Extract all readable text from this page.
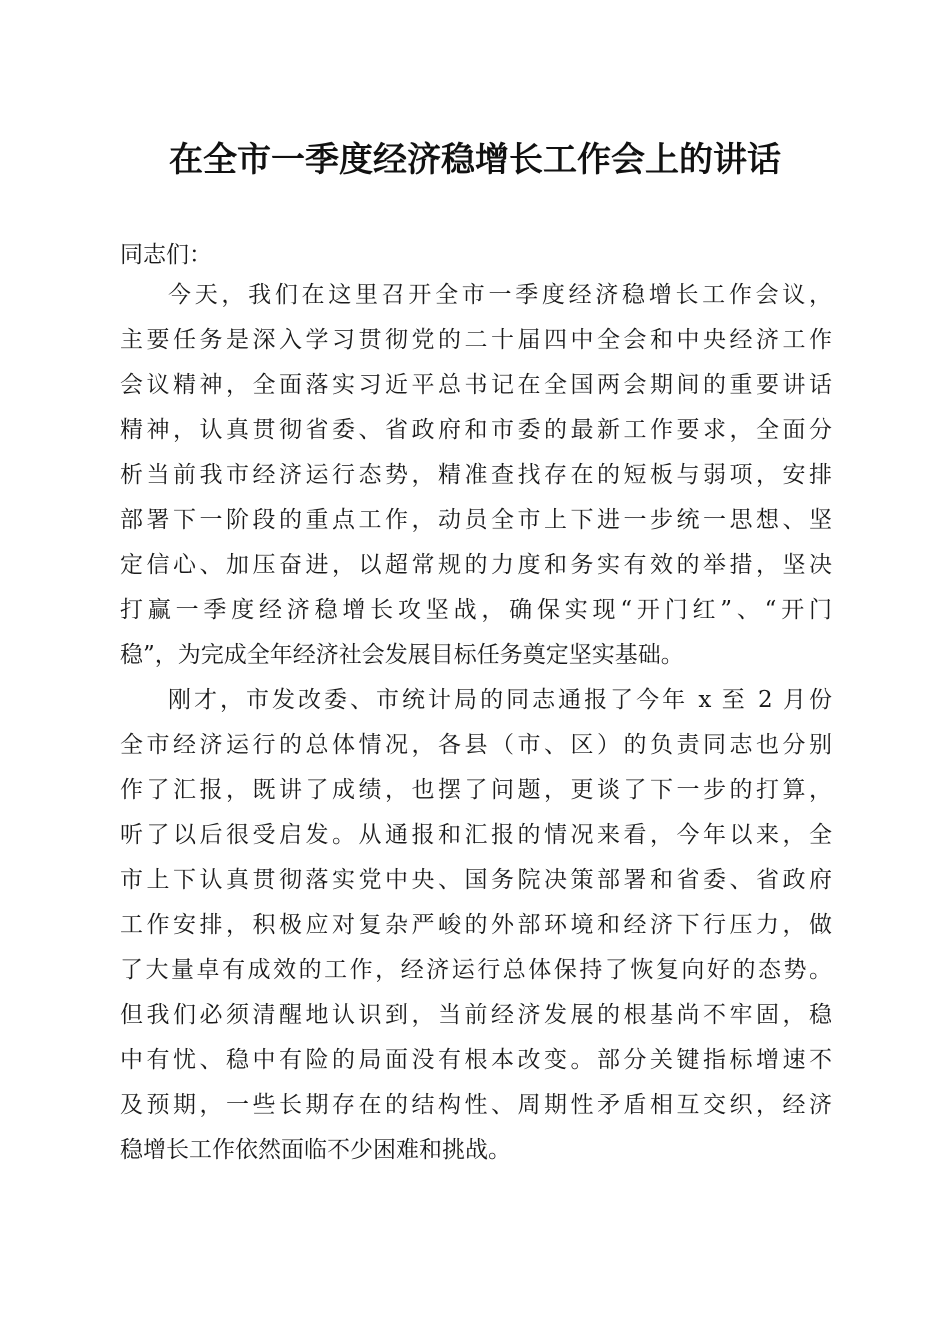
在全市一季度经济稳增长工作会上的讲话
同志们：
今天，我们在这里召开全市一季度经济稳增长工作会议，
主要任务是深入学习贯彻党的二十届四中全会和中央经济工作
会议精神，全面落实习近平总书记在全国两会期间的重要讲话
精神，认真贯彻省委、省政府和市委的最新工作要求，全面分
析当前我市经济运行态势，精准查找存在的短板与弱项，安排
部署下一阶段的重点工作，动员全市上下进一步统一思想、坚
定信心、加压奋进，以超常规的力度和务实有效的举措，坚决
打赢一季度经济稳增长攻坚战，确保实现“开门红”、“开门
稳”，为完成全年经济社会发展目标任务奠定坚实基础。
刚才，市发改委、市统计局的同志通报了今年 x 至 2 月份
全市经济运行的总体情况，各县（市、区）的负责同志也分别
作了汇报，既讲了成绩，也摆了问题，更谈了下一步的打算，
听了以后很受启发。从通报和汇报的情况来看，今年以来，全
市上下认真贯彻落实党中央、国务院决策部署和省委、省政府
工作安排，积极应对复杂严峻的外部环境和经济下行压力，做
了大量卓有成效的工作，经济运行总体保持了恢复向好的态势。
但我们必须清醒地认识到，当前经济发展的根基尚不牢固，稳
中有忧、稳中有险的局面没有根本改变。部分关键指标增速不
及预期，一些长期存在的结构性、周期性矛盾相互交织，经济
稳增长工作依然面临不少困难和挑战。
